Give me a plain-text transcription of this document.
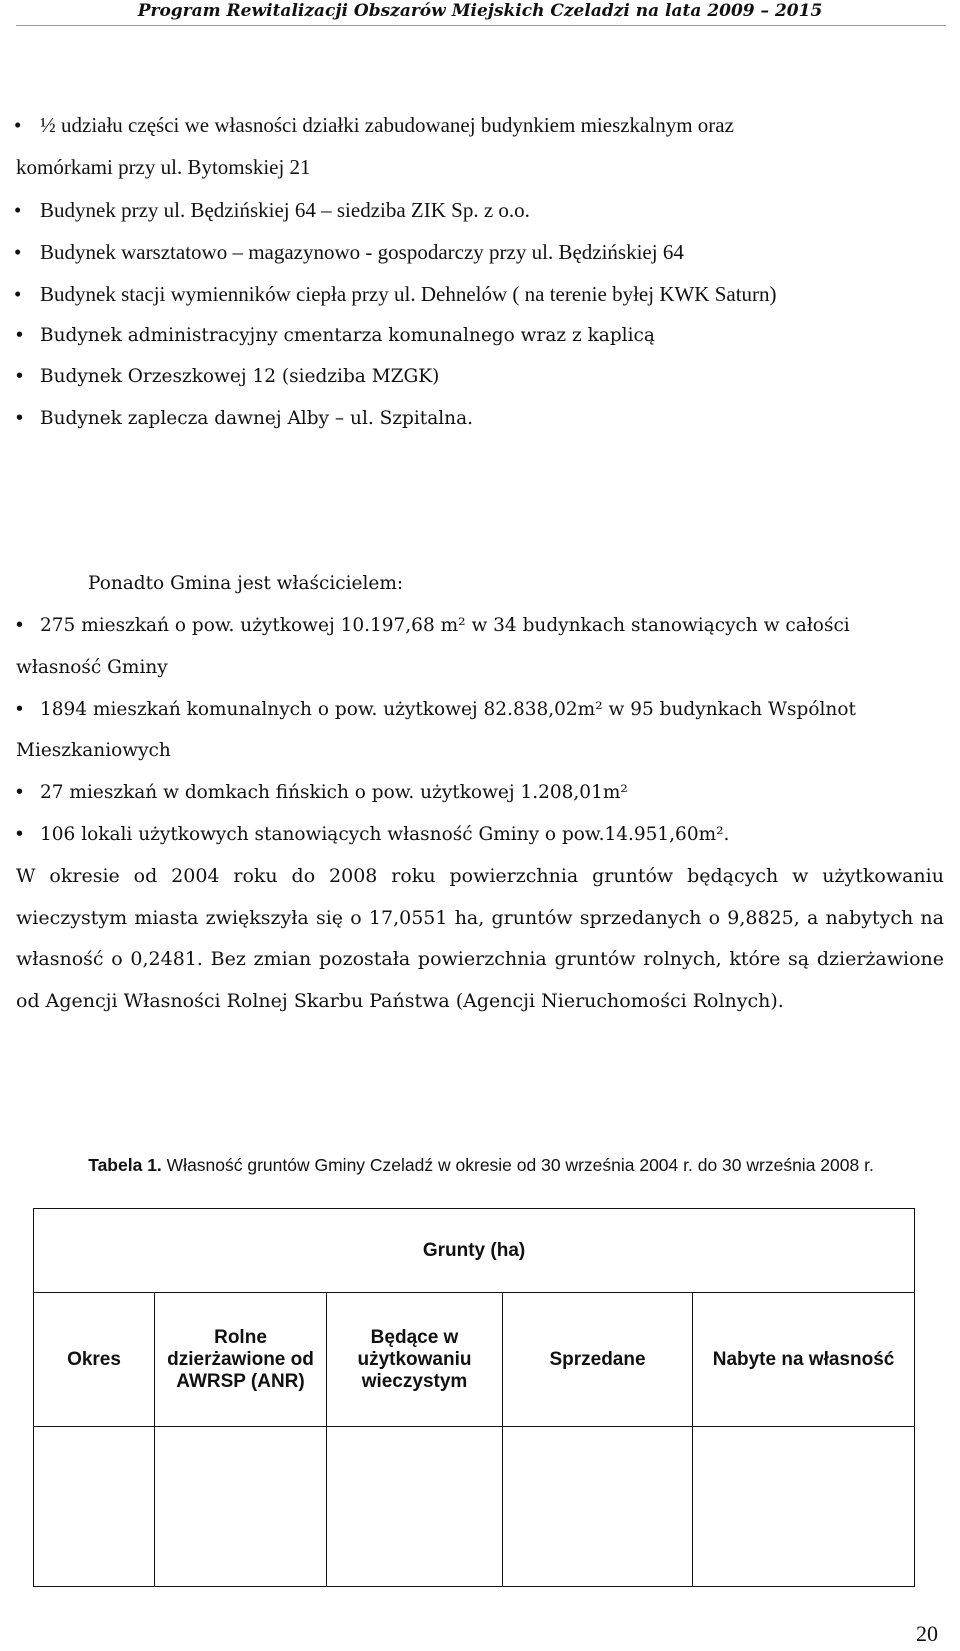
Program Rewitalizacji Obszarów Miejskich Czeladzi na lata 2009 – 2015
• ½ udziału części we własności działki zabudowanej budynkiem mieszkalnym oraz
komórkami przy ul. Bytomskiej 21
• Budynek przy ul. Będzińskiej 64 – siedziba ZIK Sp. z o.o.
• Budynek warsztatowo – magazynowo - gospodarczy przy ul. Będzińskiej 64
• Budynek stacji wymienników ciepła przy ul. Dehnelów ( na terenie byłej KWK Saturn)
• Budynek administracyjny cmentarza komunalnego wraz z kaplicą
• Budynek Orzeszkowej 12 (siedziba MZGK)
• Budynek zaplecza dawnej Alby – ul. Szpitalna.
Ponadto Gmina jest właścicielem:
• 275 mieszkań o pow. użytkowej 10.197,68 m² w 34 budynkach stanowiących w całości
własność Gminy
• 1894 mieszkań komunalnych o pow. użytkowej 82.838,02m² w 95 budynkach Wspólnot
Mieszkaniowych
• 27 mieszkań w domkach fińskich o pow. użytkowej 1.208,01m²
• 106 lokali użytkowych stanowiących własność Gminy o pow.14.951,60m².
W okresie od 2004 roku do 2008 roku powierzchnia gruntów będących w użytkowaniu wieczystym miasta zwiększyła się o 17,0551 ha, gruntów sprzedanych o 9,8825, a nabytych na własność o 0,2481. Bez zmian pozostała powierzchnia gruntów rolnych, które są dzierżawione od Agencji Własności Rolnej Skarbu Państwa (Agencji Nieruchomości Rolnych).
Tabela 1. Własność gruntów Gminy Czeladź w okresie od 30 września 2004 r. do 30 września 2008 r.
Grunty (ha)				
Okres	Rolne dzierżawione od AWRSP (ANR)	Będące w użytkowaniu wieczystym	Sprzedane	Nabyte na własność

20
